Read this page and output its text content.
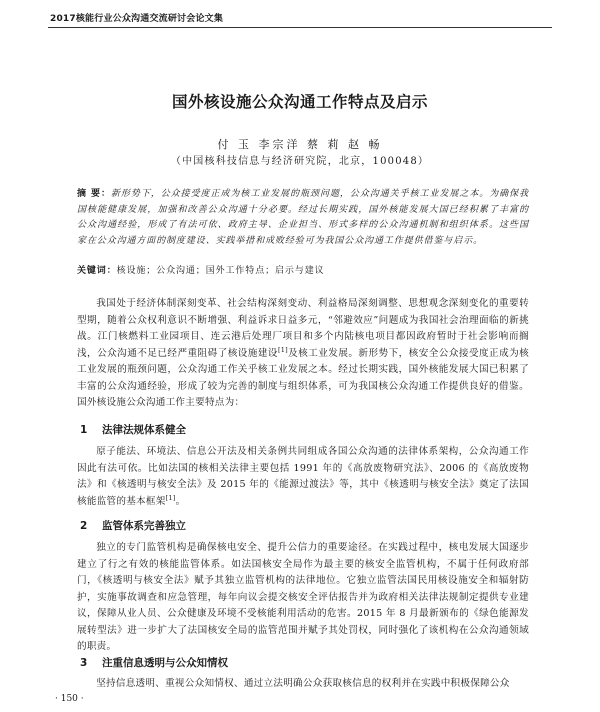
2017核能行业公众沟通交流研讨会论文集
国外核设施公众沟通工作特点及启示
付 玉 李宗洋 蔡 莉 赵 畅
（中国核科技信息与经济研究院，北京，100048）
摘 要：新形势下，公众接受度正成为核工业发展的瓶颈问题，公众沟通关乎核工业发展之本。为确保我国核能健康发展，加强和改善公众沟通十分必要。经过长期实践，国外核能发展大国已经积累了丰富的公众沟通经验，形成了有法可依、政府主导、企业担当、形式多样的公众沟通机制和组织体系。这些国家在公众沟通方面的制度建设、实践举措和成败经验可为我国公众沟通工作提供借鉴与启示。
关键词：核设施；公众沟通；国外工作特点；启示与建议
我国处于经济体制深刻变革、社会结构深刻变动、利益格局深刻调整、思想观念深刻变化的重要转型期，随着公众权利意识不断增强、利益诉求日益多元，“邻避效应”问题成为我国社会治理面临的新挑战。江门核燃料工业园项目、连云港后处理厂项目和多个内陆核电项目都因政府暂时于社会影响而搁浅，公众沟通不足已经严重阻碍了核设施建设[1]及核工业发展。新形势下，核安全公众接受度正成为核工业发展的瓶颈问题，公众沟通工作关乎核工业发展之本。经过长期实践，国外核能发展大国已积累了丰富的公众沟通经验，形成了较为完善的制度与组织体系，可为我国核公众沟通工作提供良好的借鉴。国外核设施公众沟通工作主要特点为：
1 法律法规体系健全
原子能法、环境法、信息公开法及相关条例共同组成各国公众沟通的法律体系架构，公众沟通工作因此有法可依。比如法国的核相关法律主要包括 1991 年的《高放废物研究法》、2006 的《高放废物法》和《核透明与核安全法》及 2015 年的《能源过渡法》等，其中《核透明与核安全法》奠定了法国核能监管的基本框架[1]。
2 监管体系完善独立
独立的专门监管机构是确保核电安全、提升公信力的重要途径。在实践过程中，核电发展大国逐步建立了行之有效的核能监管体系。如法国核安全局作为最主要的核安全监管机构，不属于任何政府部门，《核透明与核安全法》赋予其独立监管机构的法律地位。它独立监管法国民用核设施安全和辐射防护，实施事故调查和应急管理，每年向议会提交核安全评估报告并为政府相关法律法规制定提供专业建议，保障从业人员、公众健康及环境不受核能利用活动的危害。2015 年 8 月最新颁布的《绿色能源发展转型法》进一步扩大了法国核安全局的监管范围并赋予其处罚权，同时强化了该机构在公众沟通领域的职责。
3 注重信息透明与公众知情权
坚持信息透明、重视公众知情权、通过立法明确公众获取核信息的权利并在实践中积极保障公众
· 150 ·
